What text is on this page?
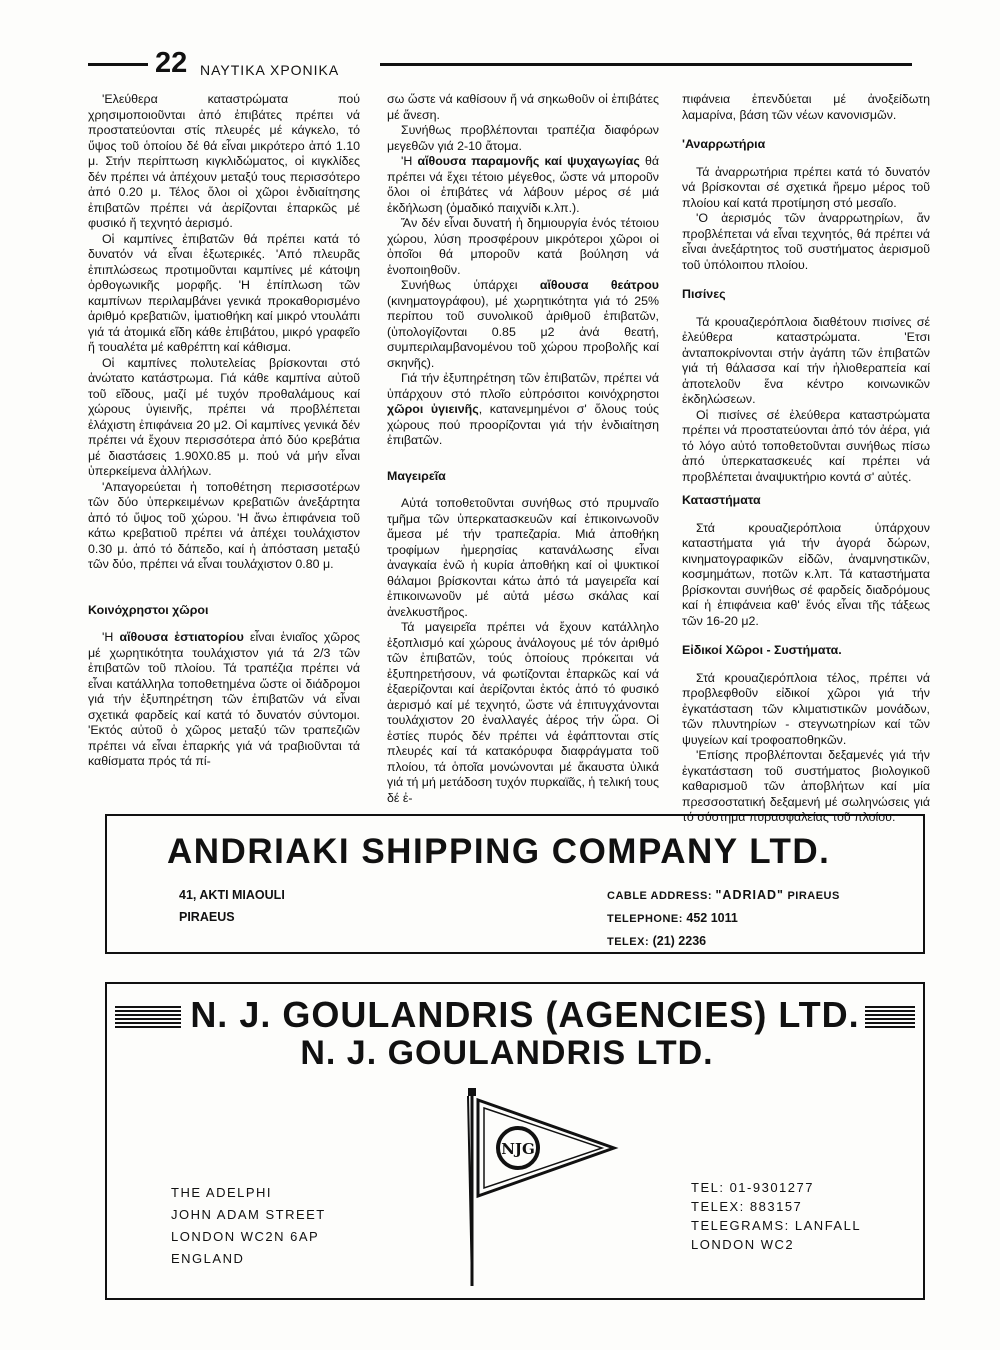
22 ΝΑΥΤΙΚΑ ΧΡΟΝΙΚΑ

'Ελεύθερα καταστρώματα πού χρησιμοποιοῦνται ἀπό ἐπιβάτες πρέπει νά προστατεύονται στίς πλευρές μέ κάγκελο, τό ὕψος τοῦ ὁποίου δέ θά εἶναι μικρότερο ἀπό 1.10 μ. Στήν περίπτωση κιγκλιδώματος, οἱ κιγκλίδες δέν πρέπει νά ἀπέχουν μεταξύ τους περισσότερο ἀπό 0.20 μ. Τέλος ὅλοι οἱ χῶροι ἐνδιαίτησης ἐπιβατῶν πρέπει νά ἀερίζονται ἐπαρκῶς μέ φυσικό ἤ τεχνητό ἀερισμό.

Οἱ καμπίνες ἐπιβατῶν θά πρέπει κατά τό δυνατόν νά εἶναι ἐξωτερικές. 'Από πλευρᾶς ἐπιπλώσεως προτιμοῦνται καμπίνες μέ κάτοψη ὀρθογωνικῆς μορφῆς. 'Η ἐπίπλωση τῶν καμπίνων περιλαμβάνει γενικά προκαθορισμένο ἀριθμό κρεβατιῶν, ἱματιοθήκη καί μικρό ντουλάπι γιά τά ἀτομικά εἴδη κάθε ἐπιβάτου, μικρό γραφεῖο ἤ τουαλέτα μέ καθρέπτη καί κάθισμα.

Οἱ καμπίνες πολυτελείας βρίσκονται στό ἀνώτατο κατάστρωμα. Γιά κάθε καμπίνα αὐτοῦ τοῦ εἴδους, μαζί μέ τυχόν προθαλάμους καί χώρους ὑγιεινῆς, πρέπει νά προβλέπεται ἐλάχιστη ἐπιφάνεια 20 μ2. Οἱ καμπίνες γενικά δέν πρέπει νά ἔχουν περισσότερα ἀπό δύο κρεβάτια μέ διαστάσεις 1.90Χ0.85 μ. πού νά μήν εἶναι ὑπερκείμενα ἀλλήλων.

'Απαγορεύεται ἡ τοποθέτηση περισσοτέρων τῶν δύο ὑπερκειμένων κρεβατιῶν ἀνεξάρτητα ἀπό τό ὕψος τοῦ χώρου. 'Η ἄνω ἐπιφάνεια τοῦ κάτω κρεβατιοῦ πρέπει νά ἀπέχει τουλάχιστον 0.30 μ. ἀπό τό δάπεδο, καί ἡ ἀπόσταση μεταξύ τῶν δύο, πρέπει νά εἶναι τουλάχιστον 0.80 μ.

Κοινόχρηστοι χῶροι

'Η αἴθουσα ἑστιατορίου εἶναι ἑνιαῖος χῶρος μέ χωρητικότητα τουλάχιστον γιά τά 2/3 τῶν ἐπιβατῶν τοῦ πλοίου. Τά τραπέζια πρέπει νά εἶναι κατάλληλα τοποθετημένα ὥστε οἱ διάδρομοι γιά τήν ἐξυπηρέτηση τῶν ἐπιβατῶν νά εἶναι σχετικά φαρδείς καί κατά τό δυνατόν σύντομοι. 'Εκτός αὐτοῦ ὁ χῶρος μεταξύ τῶν τραπεζιῶν πρέπει νά εἶναι ἐπαρκής γιά νά τραβιοῦνται τά καθίσματα πρός τά πί-

σω ὥστε νά καθίσουν ἤ νά σηκωθοῦν οἱ ἐπιβάτες μέ ἄνεση.

Συνήθως προβλέπονται τραπέζια διαφόρων μεγεθῶν γιά 2-10 ἄτομα.

'Η αἴθουσα παραμονῆς καί ψυχαγωγίας θά πρέπει νά ἔχει τέτοιο μέγεθος, ὥστε νά μποροῦν ὅλοι οἱ ἐπιβάτες νά λάβουν μέρος σέ μιά ἐκδήλωση (ὁμαδικό παιχνίδι κ.λπ.).

Ἄν δέν εἶναι δυνατή ἡ δημιουργία ἑνός τέτοιου χώρου, λύση προσφέρουν μικρότεροι χῶροι οἱ ὁποῖοι θά μποροῦν κατά βούληση νά ἑνοποιηθοῦν.

Συνήθως ὑπάρχει αἴθουσα θεάτρου (κινηματογράφου), μέ χωρητικότητα γιά τό 25% περίπου τοῦ συνολικοῦ ἀριθμοῦ ἐπιβατῶν, (ὑπολογίζονται 0.85 μ2 ἀνά θεατή, συμπεριλαμβανομένου τοῦ χώρου προβολῆς καί σκηνῆς).

Γιά τήν ἐξυπηρέτηση τῶν ἐπιβατῶν, πρέπει νά ὑπάρχουν στό πλοῖο εὐπρόσιτοι κοινόχρηστοι χῶροι ὑγιεινῆς, κατανεμημένοι σ' ὅλους τούς χώρους πού προορίζονται γιά τήν ἐνδιαίτηση ἐπιβατῶν.

Μαγειρεῖα

Αὐτά τοποθετοῦνται συνήθως στό πρυμναῖο τμῆμα τῶν ὑπερκατασκευῶν καί ἐπικοινωνοῦν ἄμεσα μέ τήν τραπεζαρία. Μιά ἀποθήκη τροφίμων ἡμερησίας κατανάλωσης εἶναι ἀναγκαία ἐνῶ ἡ κυρία ἀποθήκη καί οἱ ψυκτικοί θάλαμοι βρίσκονται κάτω ἀπό τά μαγειρεῖα καί ἐπικοινωνοῦν μέ αὐτά μέσω σκάλας καί ἀνελκυστῆρος.

Τά μαγειρεῖα πρέπει νά ἔχουν κατάλληλο ἐξοπλισμό καί χώρους ἀνάλογους μέ τόν ἀριθμό τῶν ἐπιβατῶν, τούς ὁποίους πρόκειται νά ἐξυπηρετήσουν, νά φωτίζονται ἐπαρκῶς καί νά ἐξαερίζονται καί ἀερίζονται ἐκτός ἀπό τό φυσικό ἀερισμό καί μέ τεχνητό, ὥστε νά ἐπιτυγχάνονται τουλάχιστον 20 ἐναλλαγές ἀέρος τήν ὥρα. Οἱ ἑστίες πυρός δέν πρέπει νά ἐφάπτονται στίς πλευρές καί τά κατακόρυφα διαφράγματα τοῦ πλοίου, τά ὁποῖα μονώνονται μέ ἄκαυστα ὑλικά γιά τή μή μετάδοση τυχόν πυρκαϊᾶς, ἡ τελική τους δέ ἐ-

πιφάνεια ἐπενδύεται μέ ἀνοξείδωτη λαμαρίνα, βάση τῶν νέων κανονισμῶν.

'Αναρρωτήρια

Τά ἀναρρωτήρια πρέπει κατά τό δυνατόν νά βρίσκονται σέ σχετικά ἥρεμο μέρος τοῦ πλοίου καί κατά προτίμηση στό μεσαῖο.

'Ο ἀερισμός τῶν ἀναρρωτηρίων, ἄν προβλέπεται νά εἶναι τεχνητός, θά πρέπει νά εἶναι ἀνεξάρτητος τοῦ συστήματος ἀερισμοῦ τοῦ ὑπόλοιπου πλοίου.

Πισίνες

Τά κρουαζιερόπλοια διαθέτουν πισίνες σέ ἐλεύθερα καταστρώματα. 'Ετσι ἀνταποκρίνονται στήν ἀγάπη τῶν ἐπιβατῶν γιά τή θάλασσα καί τήν ἡλιοθεραπεία καί ἀποτελοῦν ἕνα κέντρο κοινωνικῶν ἐκδηλώσεων.

Οἱ πισίνες σέ ἐλεύθερα καταστρώματα πρέπει νά προστατεύονται ἀπό τόν ἀέρα, γιά τό λόγο αὐτό τοποθετοῦνται συνήθως πίσω ἀπό ὑπερκατασκευές καί πρέπει νά προβλέπεται ἀναψυκτήριο κοντά σ' αὐτές.

Καταστήματα

Στά κρουαζιερόπλοια ὑπάρχουν καταστήματα γιά τήν ἀγορά δώρων, κινηματογραφικῶν εἰδῶν, ἀναμνηστικῶν, κοσμημάτων, ποτῶν κ.λπ. Τά καταστήματα βρίσκονται συνήθως σέ φαρδείς διαδρόμους καί ἡ ἐπιφάνεια καθ' ἕνός εἶναι τῆς τάξεως τῶν 16-20 μ2.

Εἰδικοί Χῶροι - Συστήματα.

Στά κρουαζιερόπλοια τέλος, πρέπει νά προβλεφθοῦν εἰδικοί χῶροι γιά τήν ἐγκατάσταση τῶν κλιματιστικῶν μονάδων, τῶν πλυντηρίων - στεγνωτηρίων καί τῶν ψυγείων καί τροφοαποθηκῶν.

'Επίσης προβλέπονται δεξαμενές γιά τήν ἐγκατάσταση τοῦ συστήματος βιολογικοῦ καθαρισμοῦ τῶν ἀποβλήτων καί μία πρεσσοστατική δεξαμενή μέ σωληνώσεις γιά τό σύστημα πυρασφαλείας τοῦ πλοίου.

ANDRIAKI SHIPPING COMPANY LTD.
41, AKTI MIAOULI
PIRAEUS
CABLE ADDRESS: "ADRIAD" PIRAEUS
TELEPHONE: 452 1011
TELEX: (21) 2236
N. J. GOULANDRIS (AGENCIES) LTD.
N. J. GOULANDRIS LTD.
NJG
THE ADELPHI
JOHN ADAM STREET
LONDON WC2N 6AP
ENGLAND
TEL: 01-9301277
TELEX: 883157
TELEGRAMS: LANFALL
LONDON WC2
